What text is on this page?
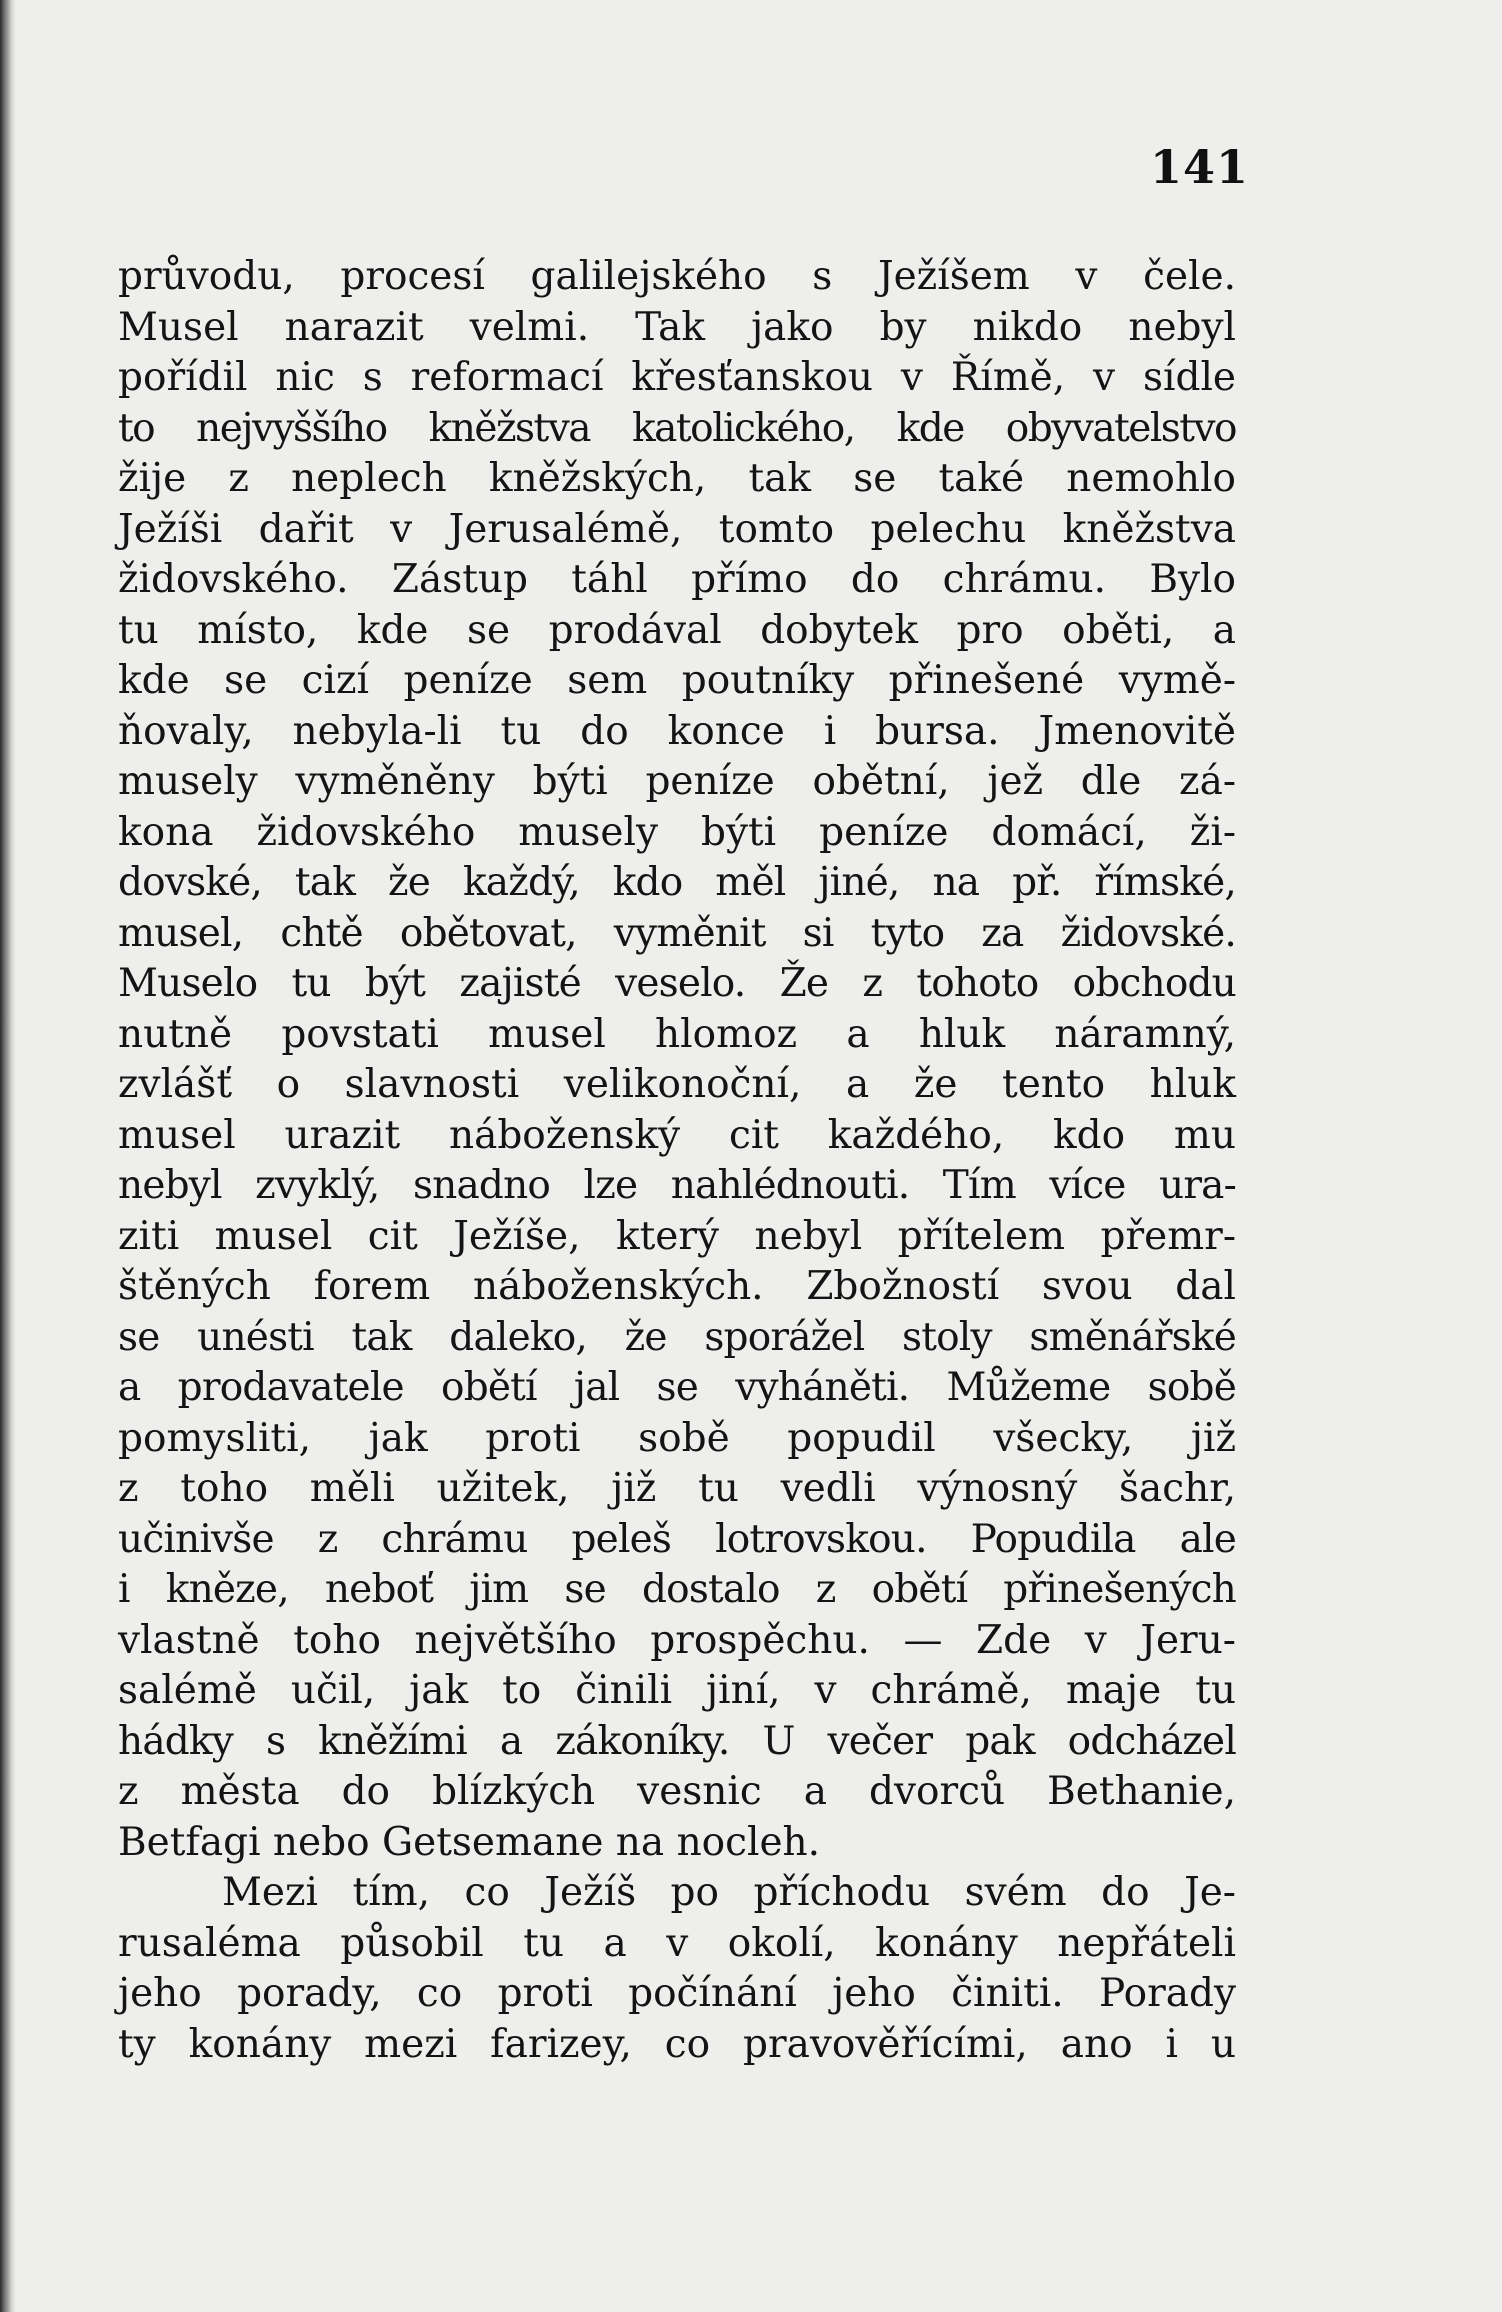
141
průvodu, procesí galilejského s Ježíšem v čele.
Musel narazit velmi. Tak jako by nikdo nebyl
pořídil nic s reformací křesťanskou v Římě, v sídle
to nejvyššího kněžstva katolického, kde obyvatelstvo
žije z neplech kněžských, tak se také nemohlo
Ježíši dařit v Jerusalémě, tomto pelechu kněžstva
židovského. Zástup táhl přímo do chrámu. Bylo
tu místo, kde se prodával dobytek pro oběti, a
kde se cizí peníze sem poutníky přinešené vymě-
ňovaly, nebyla-li tu do konce i bursa. Jmenovitě
musely vyměněny býti peníze obětní, jež dle zá-
kona židovského musely býti peníze domácí, ži-
dovské, tak že každý, kdo měl jiné, na př. římské,
musel, chtě obětovat, vyměnit si tyto za židovské.
Muselo tu být zajisté veselo. Že z tohoto obchodu
nutně povstati musel hlomoz a hluk náramný,
zvlášť o slavnosti velikonoční, a že tento hluk
musel urazit náboženský cit každého, kdo mu
nebyl zvyklý, snadno lze nahlédnouti. Tím více ura-
ziti musel cit Ježíše, který nebyl přítelem přemr-
štěných forem náboženských. Zbožností svou dal
se unésti tak daleko, že sporážel stoly směnářské
a prodavatele obětí jal se vyháněti. Můžeme sobě
pomysliti, jak proti sobě popudil všecky, již
z toho měli užitek, již tu vedli výnosný šachr,
učinivše z chrámu peleš lotrovskou. Popudila ale
i kněze, neboť jim se dostalo z obětí přinešených
vlastně toho největšího prospěchu. — Zde v Jeru-
salémě učil, jak to činili jiní, v chrámě, maje tu
hádky s kněžími a zákoníky. U večer pak odcházel
z města do blízkých vesnic a dvorců Bethanie,
Betfagi nebo Getsemane na nocleh.
Mezi tím, co Ježíš po příchodu svém do Je-
rusaléma působil tu a v okolí, konány nepřáteli
jeho porady, co proti počínání jeho činiti. Porady
ty konány mezi farizey, co pravověřícími, ano i u
